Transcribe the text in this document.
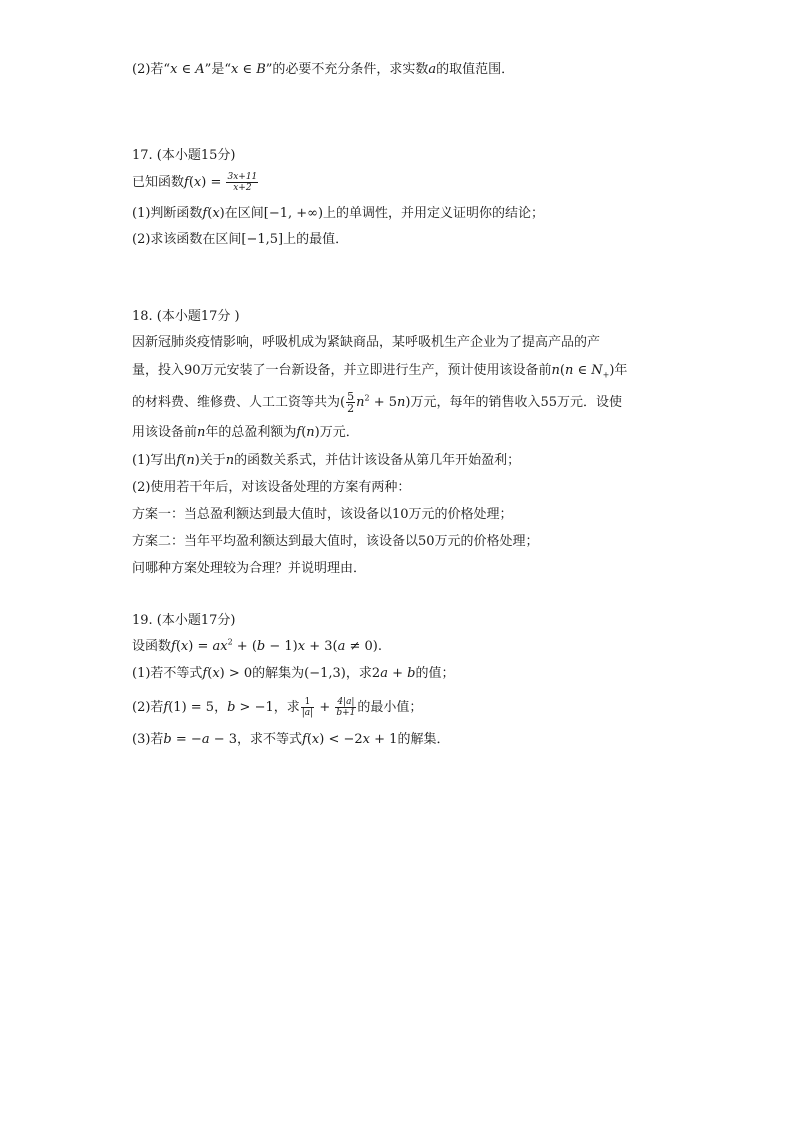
(2)若“x ∈ A”是“x ∈ B”的必要不充分条件，求实数a的取值范围．
17. (本小题15分)
已知函数$f(x) = \frac{3x+11}{x+2}$
(1)判断函数f(x)在区间[−1, +∞)上的单调性，并用定义证明你的结论；
(2)求该函数在区间[−1,5]上的最值．
18. (本小题17分 )
因新冠肺炎疫情影响，呼吸机成为紧缺商品，某呼吸机生产企业为了提高产品的产
量，投入90万元安装了一台新设备，并立即进行生产，预计使用该设备前n(n ∈ $N_+$)年
的材料费、维修费、人工工资等共为( $\frac{5}{2} n^2 + 5n$)万元，每年的销售收入55万元．设使
用该设备前n年的总盈利额为f(n)万元．
(1)写出f(n)关于n的函数关系式，并估计该设备从第几年开始盈利；
(2)使用若干年后，对该设备处理的方案有两种：
方案一：当总盈利额达到最大值时，该设备以10万元的价格处理；
方案二：当年平均盈利额达到最大值时，该设备以50万元的价格处理；
问哪种方案处理较为合理？并说明理由．
19. (本小题17分)
设函数$f(x) = ax^2 + (b - 1)x + 3(a \ne 0)$.
(1)若不等式f(x) > 0的解集为(−1,3)，求2a + b的值；
(2)若f(1) = 5，b > −1，求 $\frac{1}{|a|} + \frac{4|a|}{b+1}$ 的最小值；
(3)若b = −a − 3，求不等式f(x) < −2x + 1的解集．
